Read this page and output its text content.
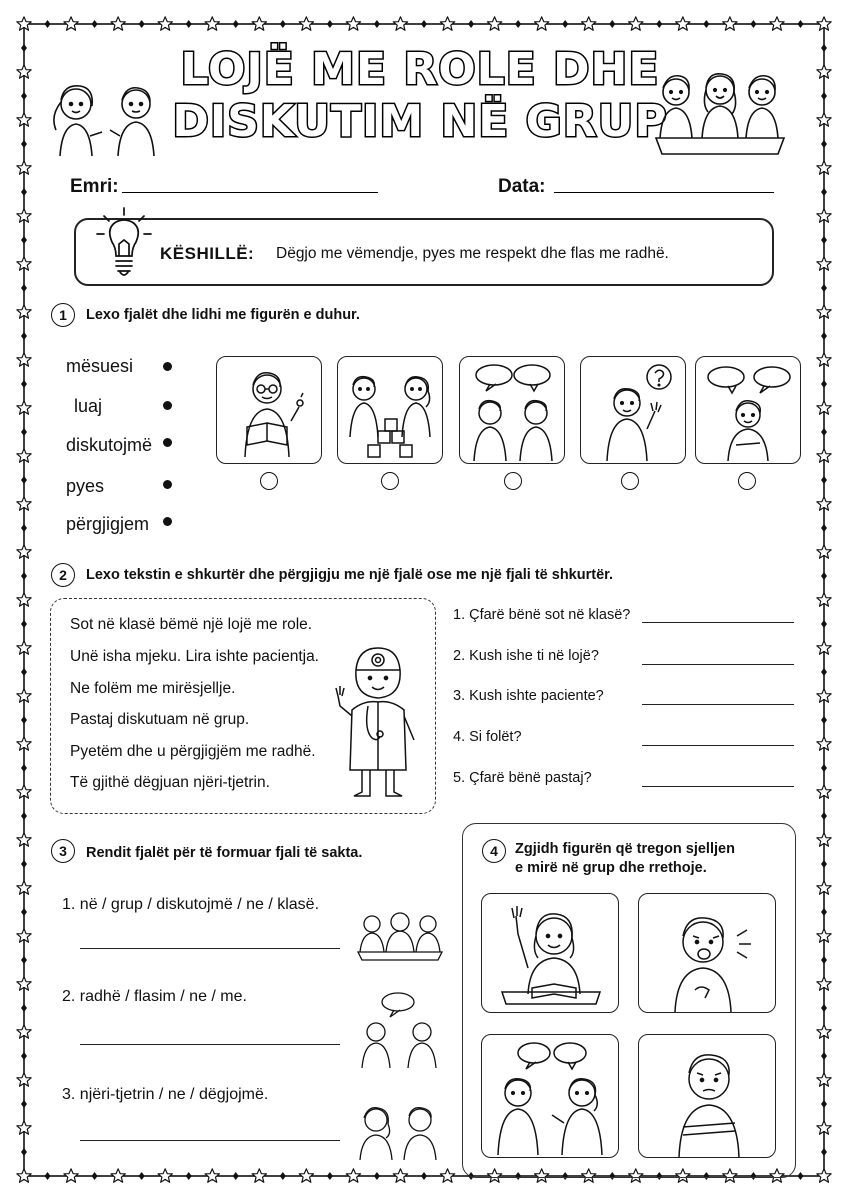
LOJË ME ROLE DHE
DISKUTIM NË GRUP
Emri:	Data:
KËSHILLË: Dëgjo me vëmendje, pyes me respekt dhe flas me radhë.
1	Lexo fjalët dhe lidhi me figurën e duhur.
mësuesi
luaj
diskutojmë
pyes
përgjigjem
2	Lexo tekstin e shkurtër dhe përgjigju me një fjalë ose me një fjali të shkurtër.
Sot në klasë bëmë një lojë me role.
Unë isha mjeku. Lira ishte pacientja.
Ne folëm me mirësjellje.
Pastaj diskutuam në grup.
Pyetëm dhe u përgjigjëm me radhë.
Të gjithë dëgjuan njëri-tjetrin.
1. Çfarë bënë sot në klasë?
2. Kush ishe ti në lojë?
3. Kush ishte paciente?
4. Si folët?
5. Çfarë bënë pastaj?
3	Rendit fjalët për të formuar fjali të sakta.
1. në / grup / diskutojmë / ne / klasë.
2. radhë / flasim / ne / me.
3. njëri-tjetrin / ne / dëgjojmë.
4	Zgjidh figurën që tregon sjelljen
e mirë në grup dhe rrethoje.
